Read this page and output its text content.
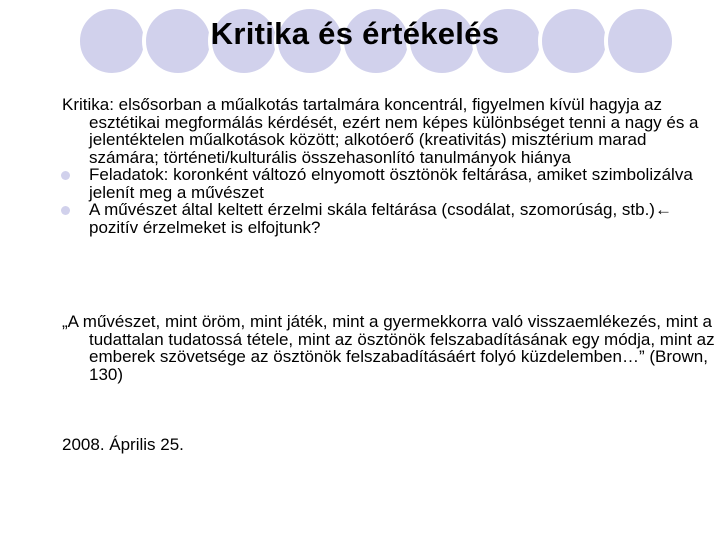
Kritika és értékelés

Kritika: elsősorban a műalkotás tartalmára koncentrál, figyelmen kívül hagyja az esztétikai megformálás kérdését, ezért nem képes különbséget tenni a nagy és a jelentéktelen műalkotások között; alkotóerő (kreativitás) misztérium marad számára; történeti/kulturális összehasonlító tanulmányok hiánya

Feladatok: koronként változó elnyomott ösztönök feltárása, amiket szimbolizálva jelenít meg a művészet
A művészet által keltett érzelmi skála feltárása (csodálat, szomorúság, stb.)← pozitív érzelmeket is elfojtunk?

„A művészet, mint öröm, mint játék, mint a gyermekkorra való visszaemlékezés, mint a tudattalan tudatossá tétele, mint az ösztönök felszabadításának egy módja, mint az emberek szövetsége az ösztönök felszabadításáért folyó küzdelemben…” (Brown, 130)

2008. Április 25.
